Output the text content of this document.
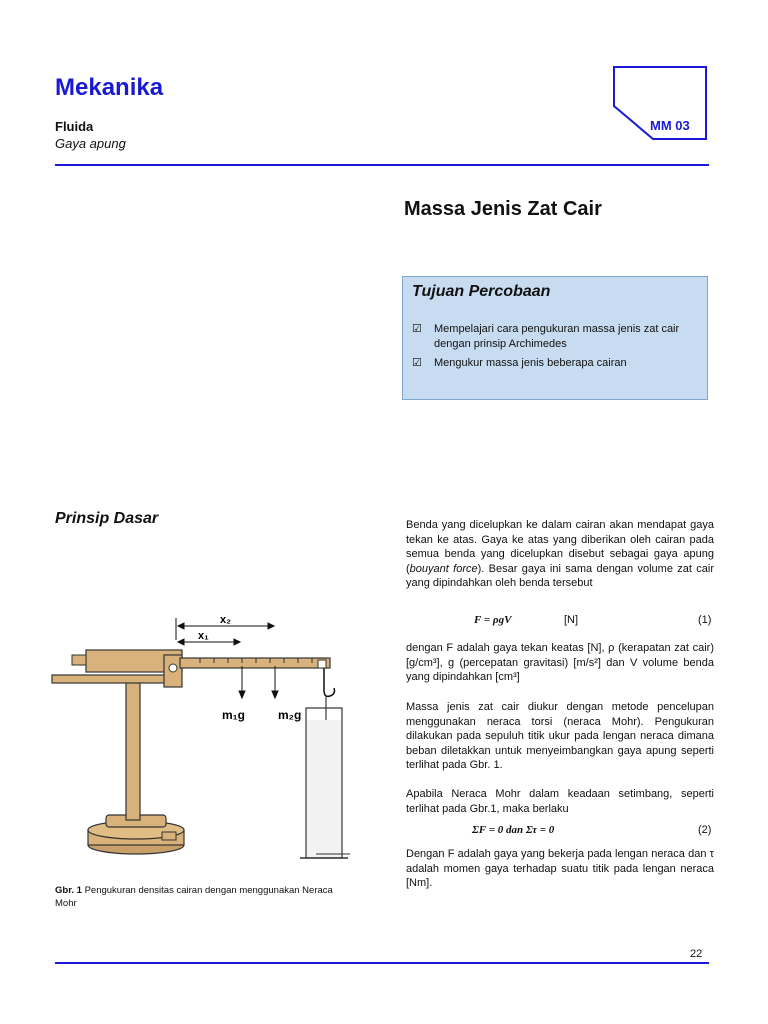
Mekanika
Fluida
Gaya apung
MM 03
Massa Jenis Zat Cair
Tujuan Percobaan
☑	Mempelajari cara pengukuran massa jenis zat cair dengan prinsip Archimedes
☑	Mengukur massa jenis beberapa cairan
Prinsip Dasar
x₂
x₁
m₁g	m₂g
Gbr. 1 Pengukuran densitas cairan dengan menggunakan Neraca Mohr
Benda yang dicelupkan ke dalam cairan akan mendapat gaya tekan ke atas. Gaya ke atas yang diberikan oleh cairan pada semua benda yang dicelupkan disebut sebagai gaya apung (bouyant force). Besar gaya ini sama dengan volume zat cair yang dipindahkan oleh benda tersebut
F = ρgV	[N]	(1)
dengan F adalah gaya tekan keatas [N], ρ (kerapatan zat cair) [g/cm³], g (percepatan gravitasi) [m/s²] dan V volume benda yang dipindahkan [cm³]
Massa jenis zat cair diukur dengan metode pencelupan menggunakan neraca torsi (neraca Mohr). Pengukuran dilakukan pada sepuluh titik ukur pada lengan neraca dimana beban diletakkan untuk menyeimbangkan gaya apung seperti terlihat pada Gbr. 1.
Apabila Neraca Mohr dalam keadaan setimbang, seperti terlihat pada Gbr.1, maka berlaku
ΣF = 0 dan Στ = 0	(2)
Dengan F adalah gaya yang bekerja pada lengan neraca dan τ adalah momen gaya terhadap suatu titik pada lengan neraca [Nm].
22
